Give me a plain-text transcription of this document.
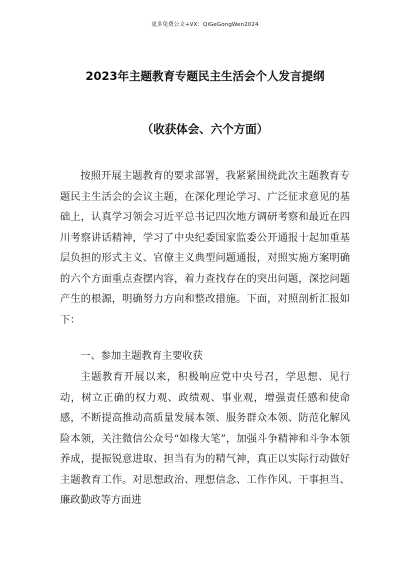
更多免费公文+VX：QiGeGongWen2024
2023年主题教育专题民主生活会个人发言提纲
（收获体会、六个方面）

按照开展主题教育的要求部署，我紧紧围绕此次主题教育专题民主生活会的会议主题，在深化理论学习、广泛征求意见的基础上，认真学习领会习近平总书记四次地方调研考察和最近在四川考察讲话精神，学习了中央纪委国家监委公开通报十起加重基层负担的形式主义、官僚主义典型问题通报，对照实施方案明确的六个方面重点查摆内容，着力查找存在的突出问题，深挖问题产生的根源，明确努力方向和整改措施。下面，对照剖析汇报如下：

一、参加主题教育主要收获

主题教育开展以来，积极响应党中央号召，学思想、见行动，树立正确的权力观、政绩观、事业观，增强责任感和使命感，不断提高推动高质量发展本领、服务群众本领、防范化解风险本领，关注微信公众号“如椽大笔”，加强斗争精神和斗争本领养成，提振锐意进取、担当有为的精气神，真正以实际行动做好主题教育工作。对思想政治、理想信念、工作作风、干事担当、廉政勤政等方面进
